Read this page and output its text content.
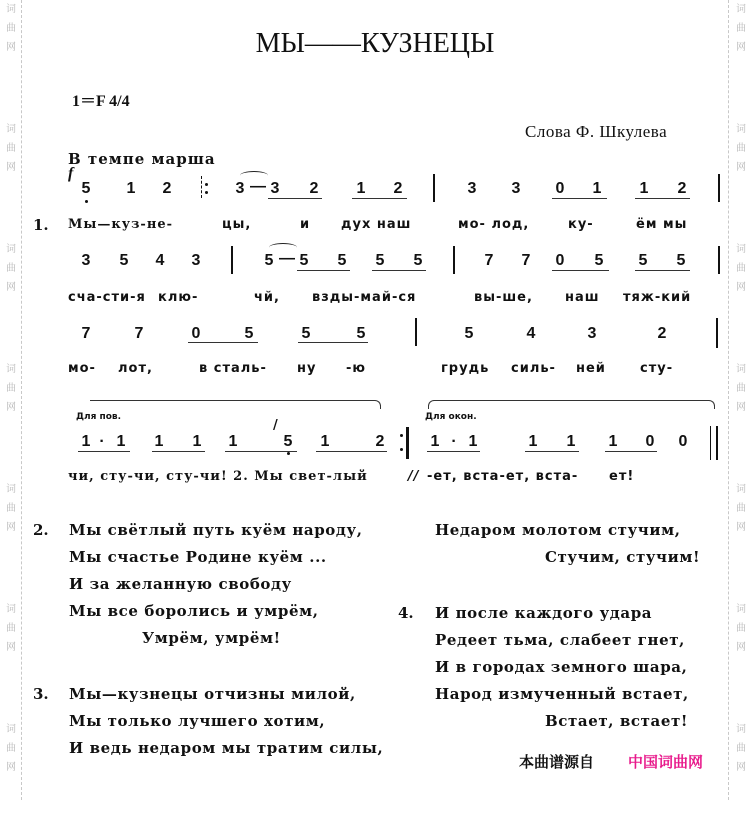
词
曲
网
词
曲
网
词
曲
网
词
曲
网
词
曲
网
词
曲
网
词
曲
网
词
曲
网
词
曲
网
词
曲
网
词
曲
网
词
曲
网
词
曲
网
词
曲
网
МЫ——КУЗНЕЦЫ
1＝F 4/4
Слова Ф. Шкулева
В темпе марша
f
5 1 2	3 — 3 2 1 2	3 3 0 1 1 2
1. Мы—куз-не-	цы,	и дух наш	мо- лод,	ку-	ём мы
3 5 4 3	5 — 5 5 5 5	7 7 0 5 5 5
сча-сти-я клю-	чй, взды-май-ся	вы-ше, наш тяж-кий
7	7	0	5	5	5	5	4	3	2
мо- лот,	в сталь- ну -ю	грудь силь- ней	сту-
Для пов.	Для окон.
1 · 1 1 1 1
/
5 1	2	1 · 1	1 1 1 0 0
чи, сту-чи, сту-чи! 2. Мы свет-лый	// -ет, вста-ет, вста- ет!
2. Мы свётлый путь куём народу,
Мы счастье Родине куём ...
И за желанную свободу
Мы все боролись и умрём,
Умрём, умрём!
3. Мы—кузнецы отчизны милой,
Мы только лучшего хотим,
И ведь недаром мы тратим силы,
Недаром молотом стучим,
Стучим, стучим!
4. И после каждого удара
Редеет тьма, слабеет гнет,
И в городах земного шара,
Народ измученный встает,
Встает, встает!
本曲谱源自 中国词曲网
